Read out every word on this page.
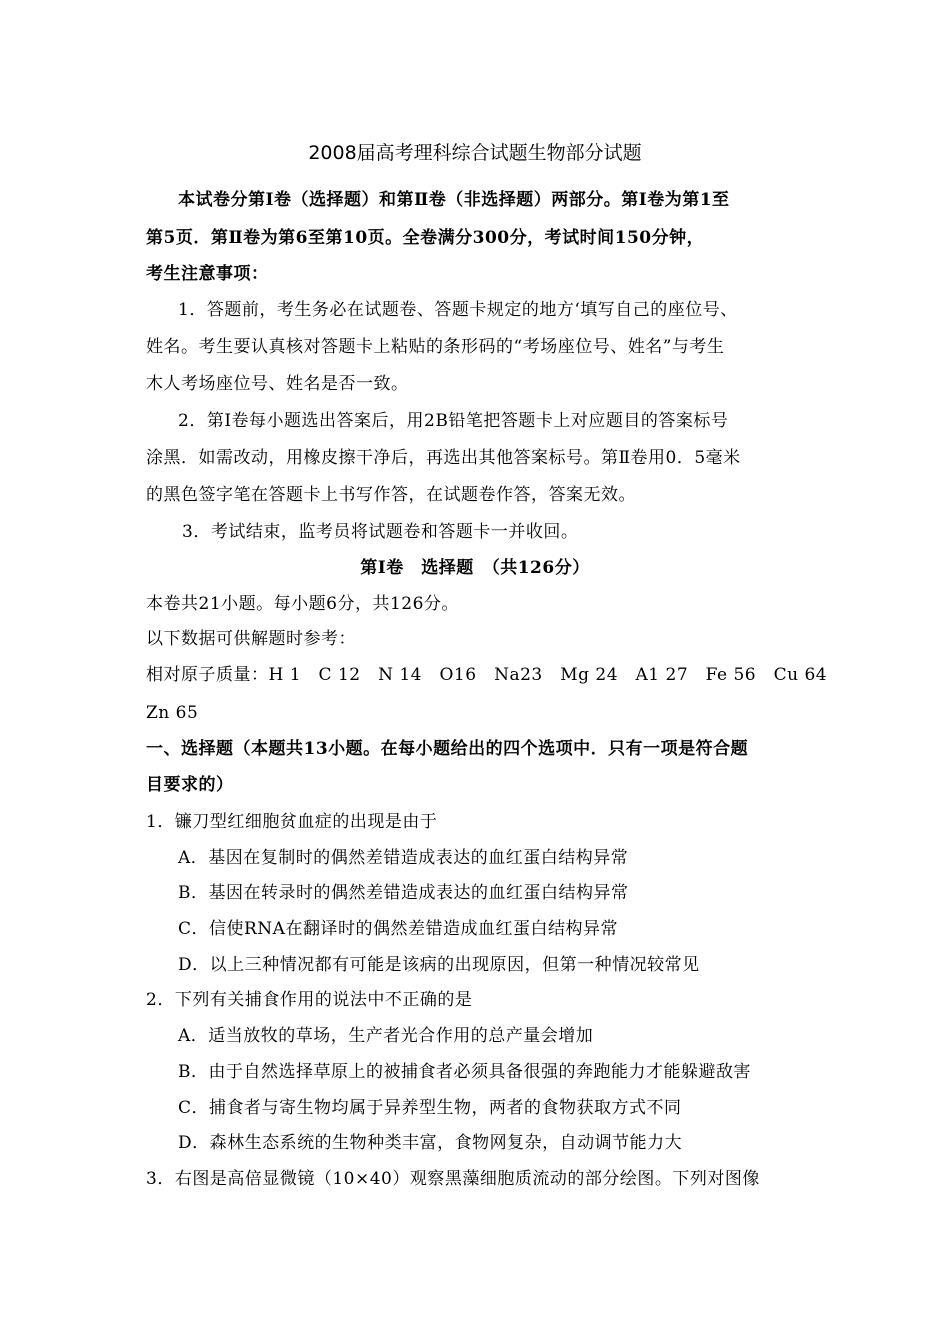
2008届高考理科综合试题生物部分试题
本试卷分第Ⅰ卷（选择题）和第Ⅱ卷（非选择题）两部分。第Ⅰ卷为第1至
第5页．第Ⅱ卷为第6至第10页。全卷满分300分，考试时间150分钟，
考生注意事项：
1．答题前，考生务必在试题卷、答题卡规定的地方‘填写自己的座位号、
姓名。考生要认真核对答题卡上粘贴的条形码的“考场座位号、姓名”与考生
木人考场座位号、姓名是否一致。
2．第Ⅰ卷每小题选出答案后，用2B铅笔把答题卡上对应题目的答案标号
涂黑．如需改动，用橡皮擦干净后，再选出其他答案标号。第Ⅱ卷用0．5毫米
的黑色签字笔在答题卡上书写作答，在试题卷作答，答案无效。
3．考试结束，监考员将试题卷和答题卡一并收回。
第Ⅰ卷　选择题　（共126分）
本卷共21小题。每小题6分，共126分。
以下数据可供解题时参考：
相对原子质量：H 1　C 12　N 14　O16　Na23　Mg 24　A1 27　Fe 56　Cu 64
Zn 65
一、选择题（本题共13小题。在每小题给出的四个选项中．只有一项是符合题
目要求的）
1．镰刀型红细胞贫血症的出现是由于
A．基因在复制时的偶然差错造成表达的血红蛋白结构异常
B．基因在转录时的偶然差错造成表达的血红蛋白结构异常
C．信使RNA在翻译时的偶然差错造成血红蛋白结构异常
D．以上三种情况都有可能是该病的出现原因，但第一种情况较常见
2．下列有关捕食作用的说法中不正确的是
A．适当放牧的草场，生产者光合作用的总产量会增加
B．由于自然选择草原上的被捕食者必须具备很强的奔跑能力才能躲避敌害
C．捕食者与寄生物均属于异养型生物，两者的食物获取方式不同
D．森林生态系统的生物种类丰富，食物网复杂，自动调节能力大
3．右图是高倍显微镜（10×40）观察黑藻细胞质流动的部分绘图。下列对图像
